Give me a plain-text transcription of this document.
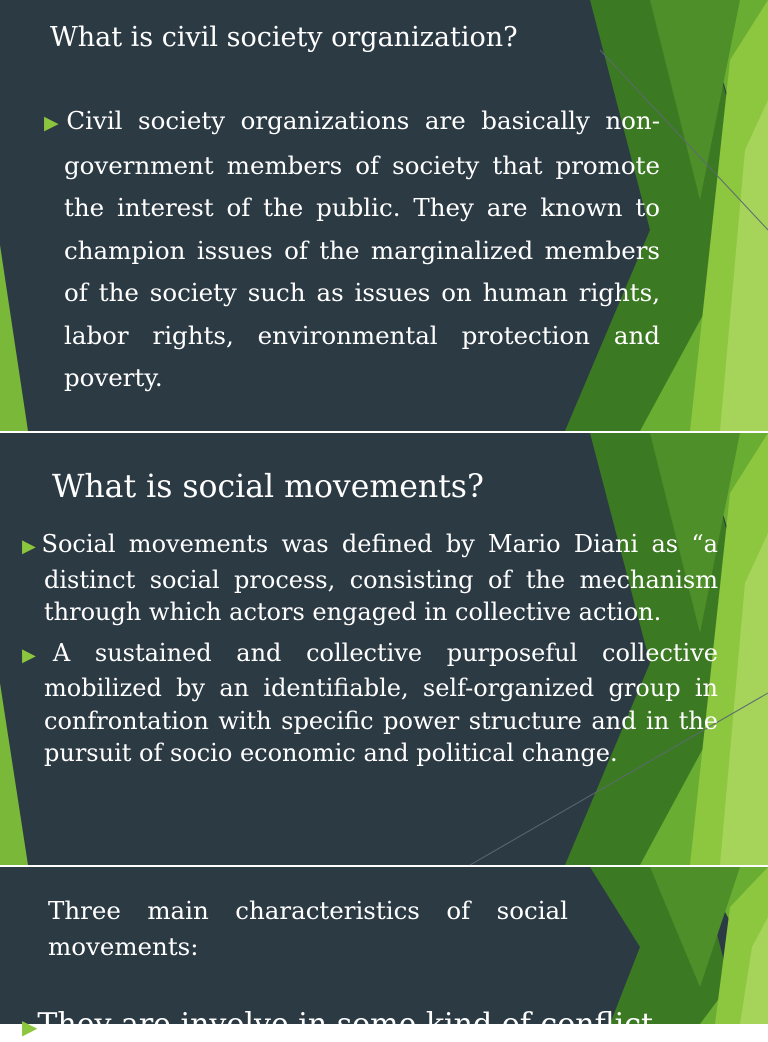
What is civil society organization?

▶Civil society organizations are basically non-government members of society that promote the interest of the public. They are known to champion issues of the marginalized members of the society such as issues on human rights, labor rights, environmental protection and poverty.

What is social movements?

▶Social movements was defined by Mario Diani as “a distinct social process, consisting of the mechanism through which actors engaged in collective action.

▶A sustained and collective purposeful collective mobilized by an identifiable, self-organized group in confrontation with specific power structure and in the pursuit of socio economic and political change.

Three main characteristics of social movements:

▶They are involve in some kind of conflict
